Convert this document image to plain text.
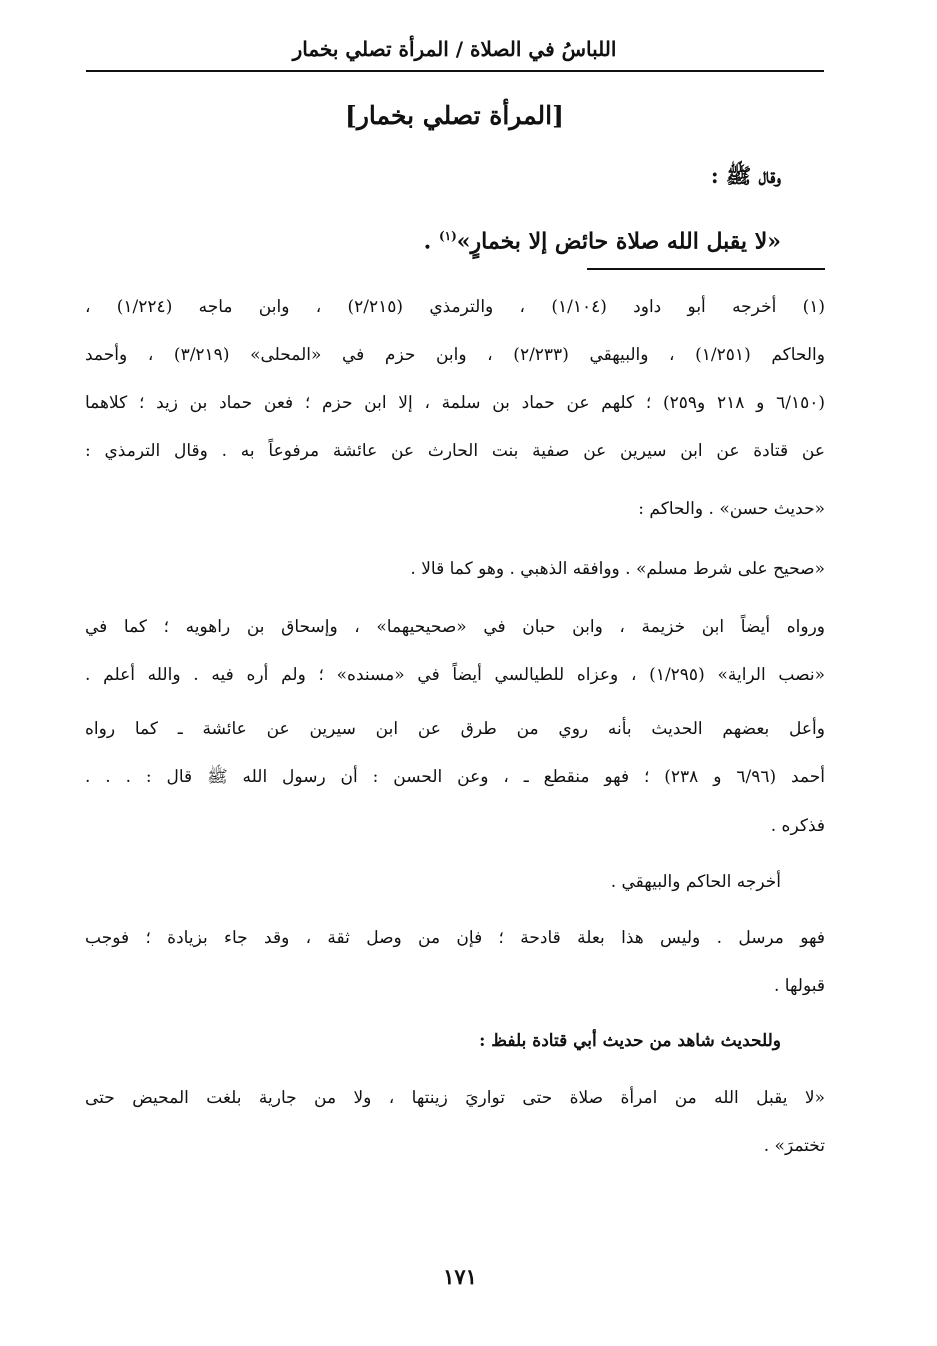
اللباسُ في الصلاة / المرأة تصلي بخمار
[المرأة تصلي بخمار]
وقال ﷺ :
«لا يقبل الله صلاة حائض إلا بخمارٍ»$^{(١)}$ .
(١) أخرجه أبو داود (١/١٠٤) ، والترمذي (٢/٢١٥) ، وابن ماجه (١/٢٢٤) ،
والحاكم (١/٢٥١) ، والبيهقي (٢/٢٣٣) ، وابن حزم في «المحلى» (٣/٢١٩) ، وأحمد
(٦/١٥٠ و ٢١٨ و٢٥٩) ؛ كلهم عن حماد بن سلمة ، إلا ابن حزم ؛ فعن حماد بن زيد ؛ كلاهما
عن قتادة عن ابن سيرين عن صفية بنت الحارث عن عائشة مرفوعاً به . وقال الترمذي :
«حديث حسن» . والحاكم :
«صحيح على شرط مسلم» . ووافقه الذهبي . وهو كما قالا .
ورواه أيضاً ابن خزيمة ، وابن حبان في «صحيحيهما» ، وإسحاق بن راهويه ؛ كما في
«نصب الراية» (١/٢٩٥) ، وعزاه للطيالسي أيضاً في «مسنده» ؛ ولم أره فيه . والله أعلم .
وأعل بعضهم الحديث بأنه روي من طرق عن ابن سيرين عن عائشة ـ كما رواه
أحمد (٦/٩٦ و ٢٣٨) ؛ فهو منقطع ـ ، وعن الحسن : أن رسول الله ﷺ قال : . . .
فذكره .
أخرجه الحاكم والبيهقي .
فهو مرسل . وليس هذا بعلة قادحة ؛ فإن من وصل ثقة ، وقد جاء بزيادة ؛ فوجب
قبولها .
وللحديث شاهد من حديث أبي قتادة بلفظ :
«لا يقبل الله من امرأة صلاة حتى تواريَ زينتها ، ولا من جارية بلغت المحيض حتى
تختمرَ» .
١٧١
